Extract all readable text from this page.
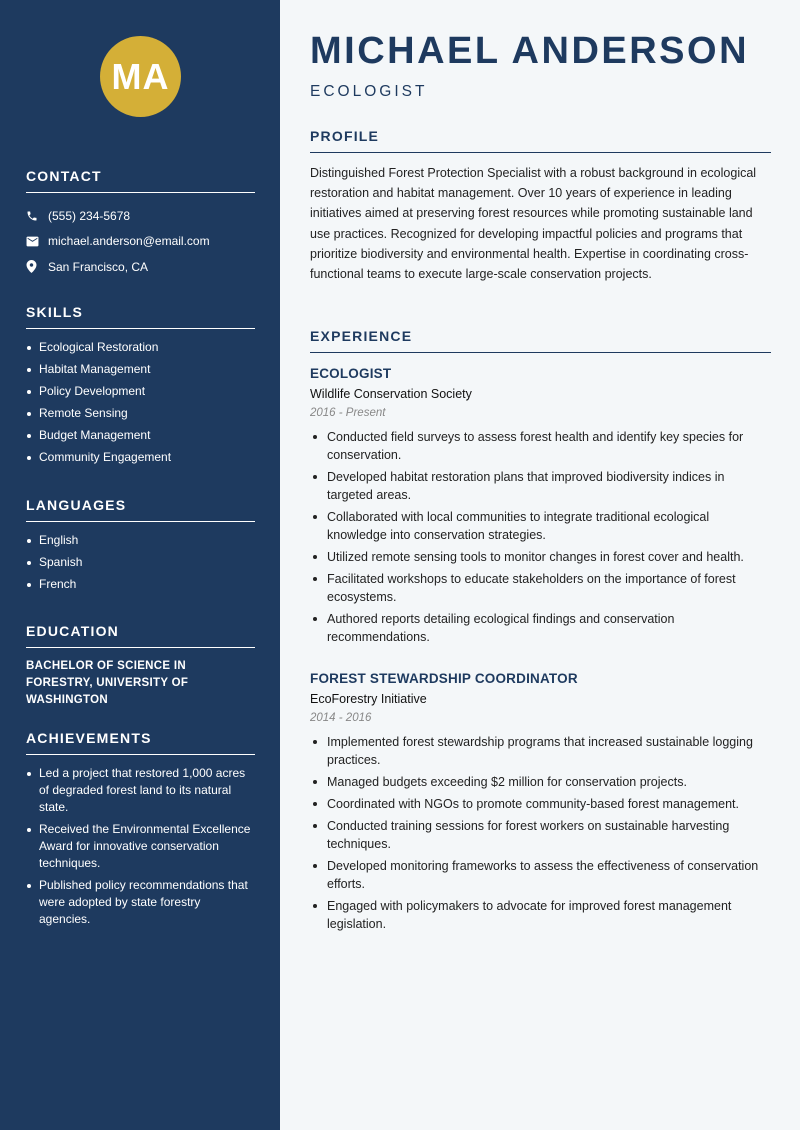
MA
CONTACT
(555) 234-5678
michael.anderson@email.com
San Francisco, CA
SKILLS
Ecological Restoration
Habitat Management
Policy Development
Remote Sensing
Budget Management
Community Engagement
LANGUAGES
English
Spanish
French
EDUCATION
BACHELOR OF SCIENCE IN FORESTRY, UNIVERSITY OF WASHINGTON
ACHIEVEMENTS
Led a project that restored 1,000 acres of degraded forest land to its natural state.
Received the Environmental Excellence Award for innovative conservation techniques.
Published policy recommendations that were adopted by state forestry agencies.
MICHAEL ANDERSON
ECOLOGIST
PROFILE
Distinguished Forest Protection Specialist with a robust background in ecological restoration and habitat management. Over 10 years of experience in leading initiatives aimed at preserving forest resources while promoting sustainable land use practices. Recognized for developing impactful policies and programs that prioritize biodiversity and environmental health. Expertise in coordinating cross-functional teams to execute large-scale conservation projects.
EXPERIENCE
ECOLOGIST
Wildlife Conservation Society
2016 - Present
Conducted field surveys to assess forest health and identify key species for conservation.
Developed habitat restoration plans that improved biodiversity indices in targeted areas.
Collaborated with local communities to integrate traditional ecological knowledge into conservation strategies.
Utilized remote sensing tools to monitor changes in forest cover and health.
Facilitated workshops to educate stakeholders on the importance of forest ecosystems.
Authored reports detailing ecological findings and conservation recommendations.
FOREST STEWARDSHIP COORDINATOR
EcoForestry Initiative
2014 - 2016
Implemented forest stewardship programs that increased sustainable logging practices.
Managed budgets exceeding $2 million for conservation projects.
Coordinated with NGOs to promote community-based forest management.
Conducted training sessions for forest workers on sustainable harvesting techniques.
Developed monitoring frameworks to assess the effectiveness of conservation efforts.
Engaged with policymakers to advocate for improved forest management legislation.
